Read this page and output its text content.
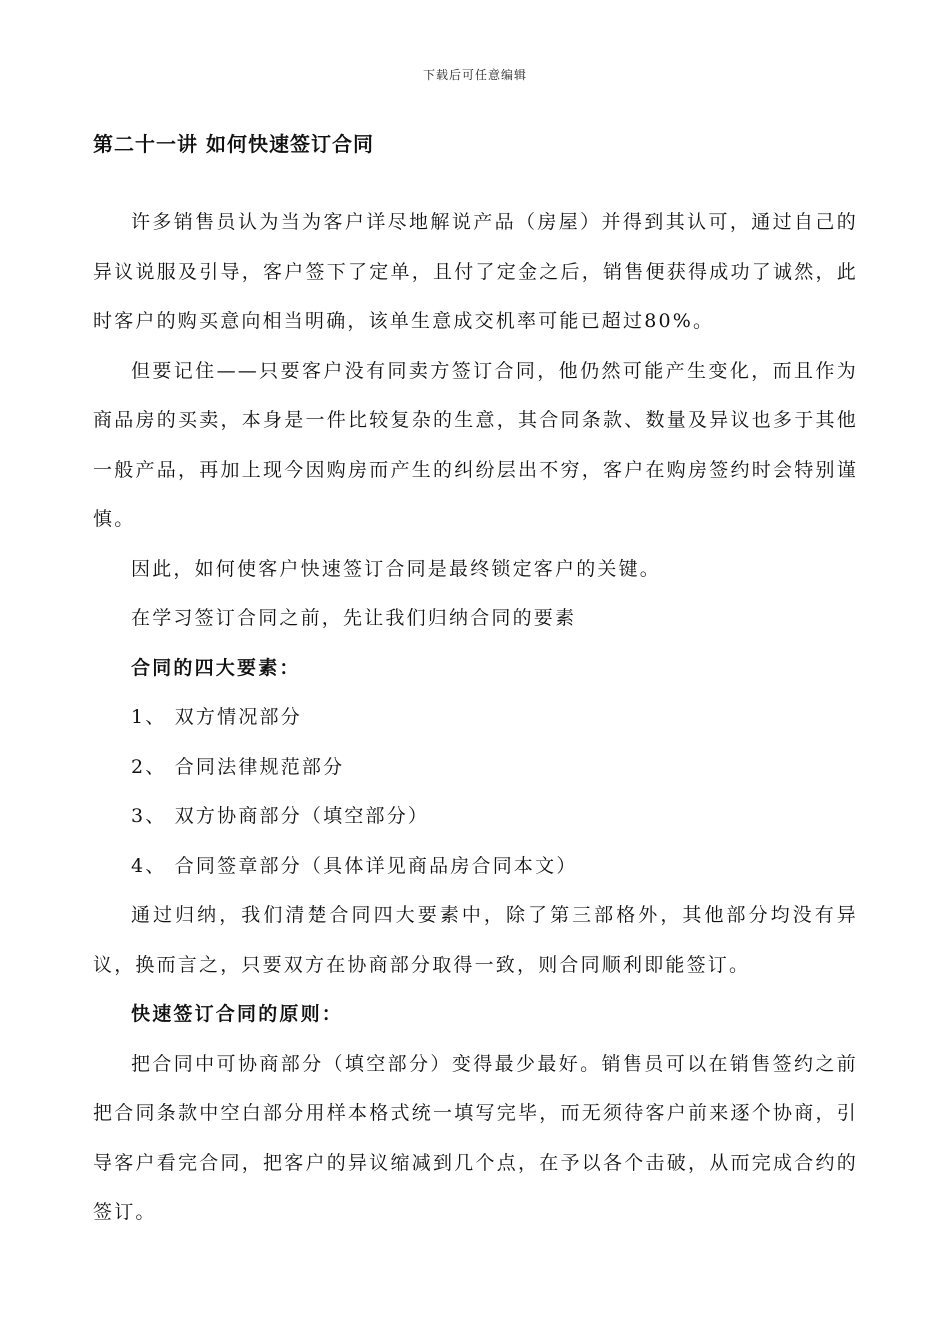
下载后可任意编辑
第二十一讲 如何快速签订合同

许多销售员认为当为客户详尽地解说产品（房屋）并得到其认可，通过自己的异议说服及引导，客户签下了定单，且付了定金之后，销售便获得成功了诚然，此时客户的购买意向相当明确，该单生意成交机率可能已超过80%。

但要记住——只要客户没有同卖方签订合同，他仍然可能产生变化，而且作为商品房的买卖，本身是一件比较复杂的生意，其合同条款、数量及异议也多于其他一般产品，再加上现今因购房而产生的纠纷层出不穷，客户在购房签约时会特别谨慎。

因此，如何使客户快速签订合同是最终锁定客户的关键。

在学习签订合同之前，先让我们归纳合同的要素

合同的四大要素：

1、 双方情况部分

2、 合同法律规范部分

3、 双方协商部分（填空部分）

4、 合同签章部分（具体详见商品房合同本文）

通过归纳，我们清楚合同四大要素中，除了第三部格外，其他部分均没有异议，换而言之，只要双方在协商部分取得一致，则合同顺利即能签订。

快速签订合同的原则：

把合同中可协商部分（填空部分）变得最少最好。销售员可以在销售签约之前把合同条款中空白部分用样本格式统一填写完毕，而无须待客户前来逐个协商，引导客户看完合同，把客户的异议缩减到几个点，在予以各个击破，从而完成合约的签订。
